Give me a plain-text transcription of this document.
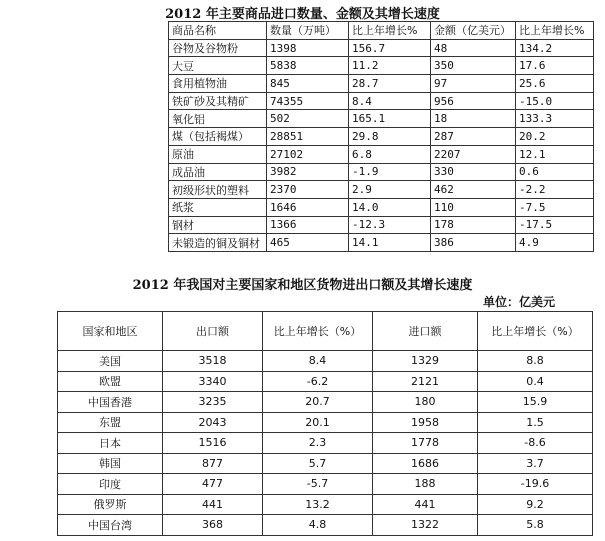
2012 年主要商品进口数量、金额及其增长速度
商品名称	数量（万吨）	比上年增长%	金额（亿美元）	比上年增长%
谷物及谷物粉	1398	156.7	48	134.2
大豆	5838	11.2	350	17.6
食用植物油	845	28.7	97	25.6
铁矿砂及其精矿	74355	8.4	956	-15.0
氧化铝	502	165.1	18	133.3
煤（包括褐煤）	28851	29.8	287	20.2
原油	27102	6.8	2207	12.1
成品油	3982	-1.9	330	0.6
初级形状的塑料	2370	2.9	462	-2.2
纸浆	1646	14.0	110	-7.5
钢材	1366	-12.3	178	-17.5
未锻造的铜及铜材	465	14.1	386	4.9
2012 年我国对主要国家和地区货物进出口额及其增长速度
单位：亿美元
国家和地区	出口额	比上年增长（%）	进口额	比上年增长（%）
美国	3518	8.4	1329	8.8
欧盟	3340	-6.2	2121	0.4
中国香港	3235	20.7	180	15.9
东盟	2043	20.1	1958	1.5
日本	1516	2.3	1778	-8.6
韩国	877	5.7	1686	3.7
印度	477	-5.7	188	-19.6
俄罗斯	441	13.2	441	9.2
中国台湾	368	4.8	1322	5.8
